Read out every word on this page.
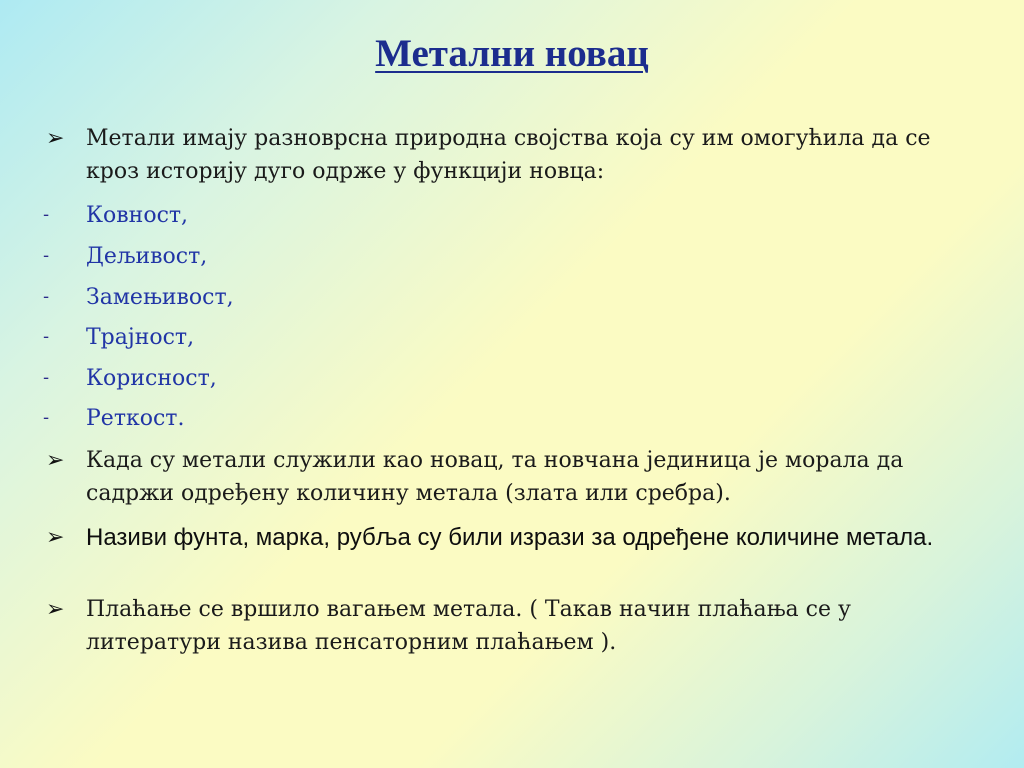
Метални новац
➢ Метали имају разноврсна природна својства која су им омогућила да се кроз историју дуго одрже у функцији новца:
- Ковност,
- Дељивост,
- Замењивост,
- Трајност,
- Корисност,
- Реткост.
➢ Када су метали служили као новац, та новчана јединица је морала да садржи одређену количину метала (злата или сребра).
➢ Називи фунта, марка, рубља су били изрази за одређене количине метала.
➢ Плаћање се вршило вагањем метала. ( Такав начин плаћања се у литератури назива пенсаторним плаћањем ).
